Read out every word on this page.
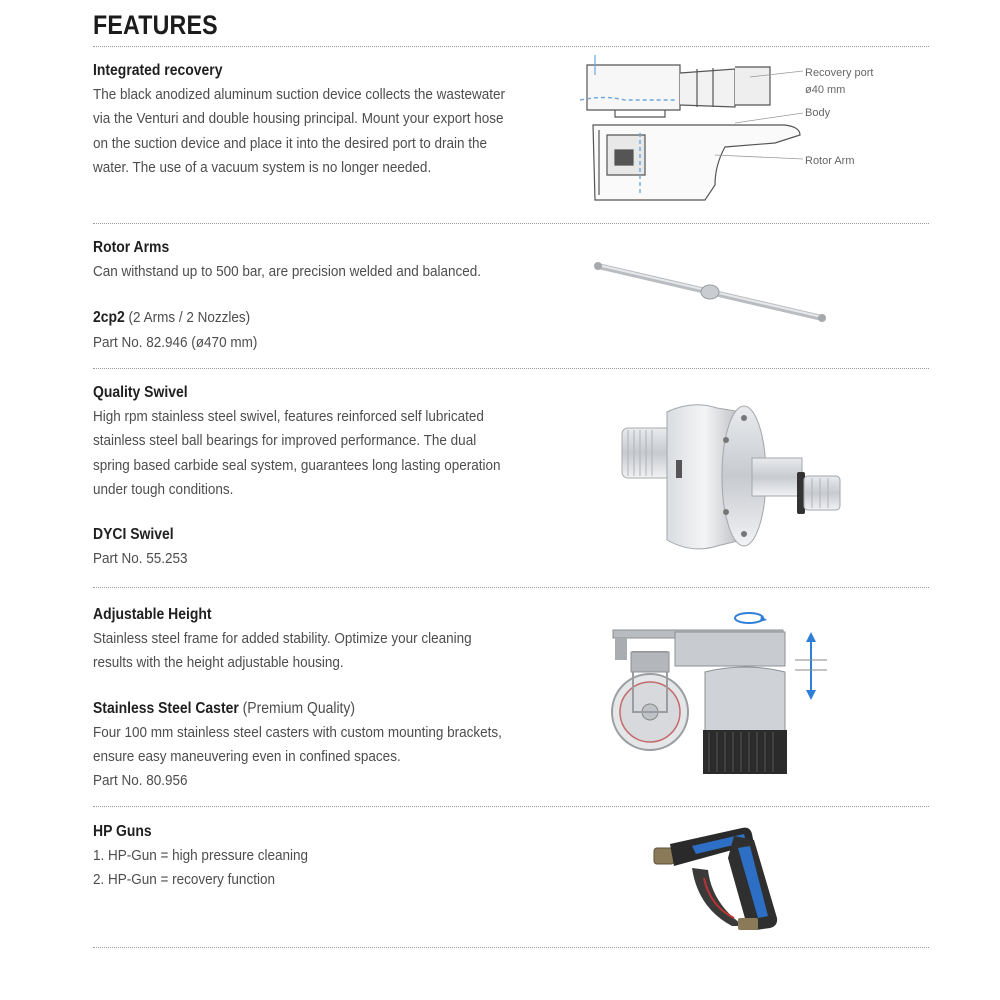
FEATURES

Integrated recovery

The black anodized aluminum suction device collects the wastewater

via the Venturi and double housing principal. Mount your export hose

on the suction device and place it into the desired port to drain the

water. The use of a vacuum system is no longer needed.

Recovery port
ø40 mm
Body
Rotor Arm

Rotor Arms

Can withstand up to 500 bar, are precision welded and balanced.

2cp2 (2 Arms / 2 Nozzles)

Part No. 82.946 (ø470 mm)

Quality Swivel

High rpm stainless steel swivel, features reinforced self lubricated

stainless steel ball bearings for improved performance. The dual

spring based carbide seal system, guarantees long lasting operation

under tough conditions.

DYCI Swivel

Part No. 55.253

Adjustable Height

Stainless steel frame for added stability. Optimize your cleaning

results with the height adjustable housing.

Stainless Steel Caster (Premium Quality)

Four 100 mm stainless steel casters with custom mounting brackets,

ensure easy maneuvering even in confined spaces.

Part No. 80.956

HP Guns

1. HP-Gun = high pressure cleaning

2. HP-Gun = recovery function
